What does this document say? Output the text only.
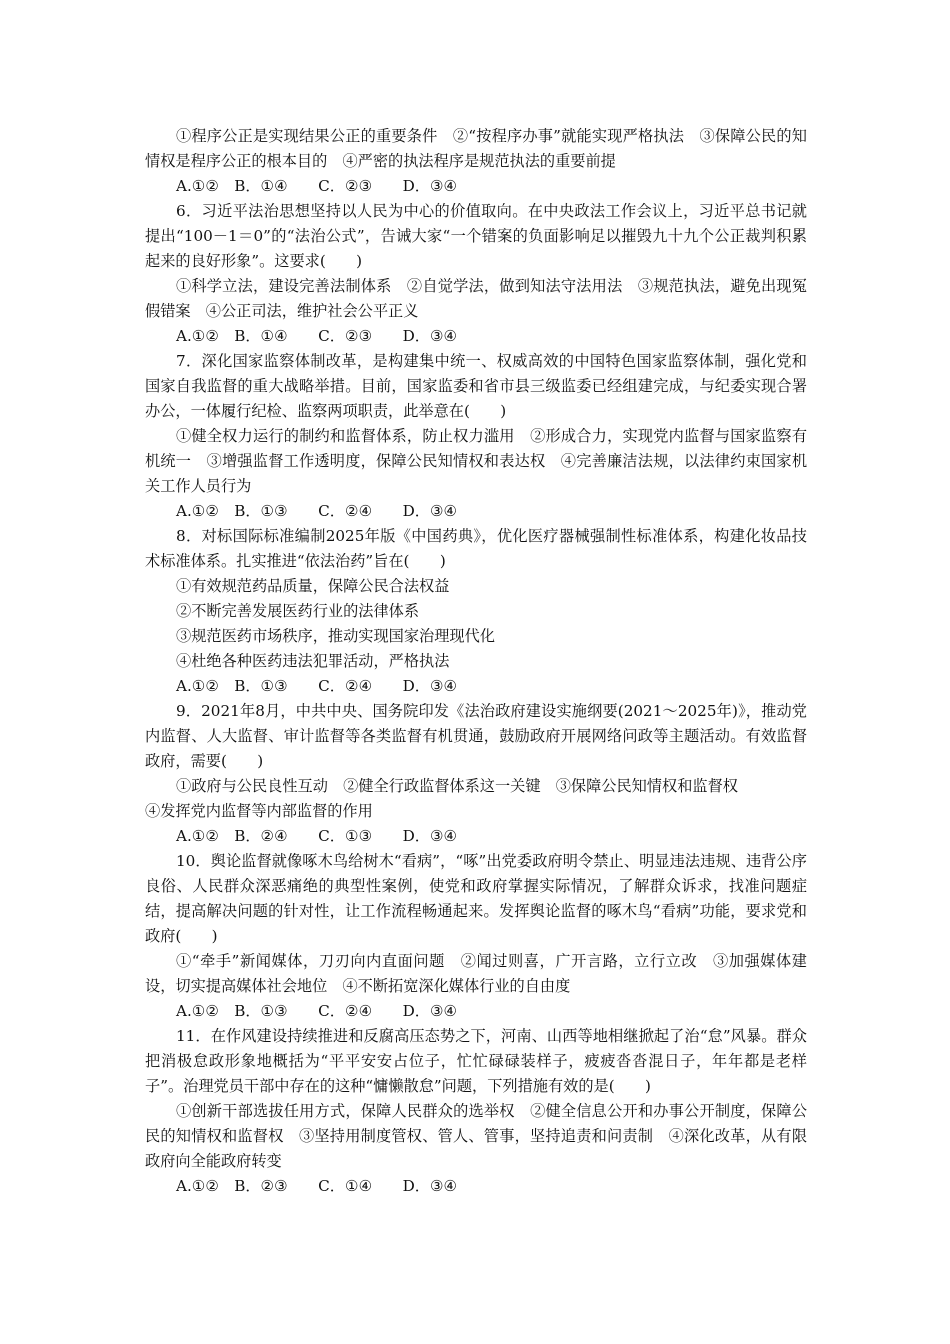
①程序公正是实现结果公正的重要条件　②“按程序办事”就能实现严格执法　③保障公民的知情权是程序公正的根本目的　④严密的执法程序是规范执法的重要前提

A.①②　B．①④　　C．②③　　D．③④

6．习近平法治思想坚持以人民为中心的价值取向。在中央政法工作会议上，习近平总书记就提出“100－1＝0”的“法治公式”，告诫大家“一个错案的负面影响足以摧毁九十九个公正裁判积累起来的良好形象”。这要求(　　)

①科学立法，建设完善法制体系　②自觉学法，做到知法守法用法　③规范执法，避免出现冤假错案　④公正司法，维护社会公平正义

A.①②　B．①④　　C．②③　　D．③④

7．深化国家监察体制改革，是构建集中统一、权威高效的中国特色国家监察体制，强化党和国家自我监督的重大战略举措。目前，国家监委和省市县三级监委已经组建完成，与纪委实现合署办公，一体履行纪检、监察两项职责，此举意在(　　)

①健全权力运行的制约和监督体系，防止权力滥用　②形成合力，实现党内监督与国家监察有机统一　③增强监督工作透明度，保障公民知情权和表达权　④完善廉洁法规，以法律约束国家机关工作人员行为

A.①②　B．①③　　C．②④　　D．③④

8．对标国际标准编制2025年版《中国药典》，优化医疗器械强制性标准体系，构建化妆品技术标准体系。扎实推进“依法治药”旨在(　　)

①有效规范药品质量，保障公民合法权益

②不断完善发展医药行业的法律体系

③规范医药市场秩序，推动实现国家治理现代化

④杜绝各种医药违法犯罪活动，严格执法

A.①②　B．①③　　C．②④　　D．③④

9．2021年8月，中共中央、国务院印发《法治政府建设实施纲要(2021～2025年)》，推动党内监督、人大监督、审计监督等各类监督有机贯通，鼓励政府开展网络问政等主题活动。有效监督政府，需要(　　)

①政府与公民良性互动　②健全行政监督体系这一关键　③保障公民知情权和监督权

④发挥党内监督等内部监督的作用

A.①②　B．②④　　C．①③　　D．③④

10．舆论监督就像啄木鸟给树木“看病”，“啄”出党委政府明令禁止、明显违法违规、违背公序良俗、人民群众深恶痛绝的典型性案例，使党和政府掌握实际情况，了解群众诉求，找准问题症结，提高解决问题的针对性，让工作流程畅通起来。发挥舆论监督的啄木鸟“看病”功能，要求党和政府(　　)

①“牵手”新闻媒体，刀刃向内直面问题　②闻过则喜，广开言路，立行立改　③加强媒体建设，切实提高媒体社会地位　④不断拓宽深化媒体行业的自由度

A.①②　B．①③　　C．②④　　D．③④

11．在作风建设持续推进和反腐高压态势之下，河南、山西等地相继掀起了治“怠”风暴。群众把消极怠政形象地概括为“平平安安占位子，忙忙碌碌装样子，疲疲沓沓混日子，年年都是老样子”。治理党员干部中存在的这种“慵懒散怠”问题，下列措施有效的是(　　)

①创新干部选拔任用方式，保障人民群众的选举权　②健全信息公开和办事公开制度，保障公民的知情权和监督权　③坚持用制度管权、管人、管事，坚持追责和问责制　④深化改革，从有限政府向全能政府转变

A.①②　B．②③　　C．①④　　D．③④
